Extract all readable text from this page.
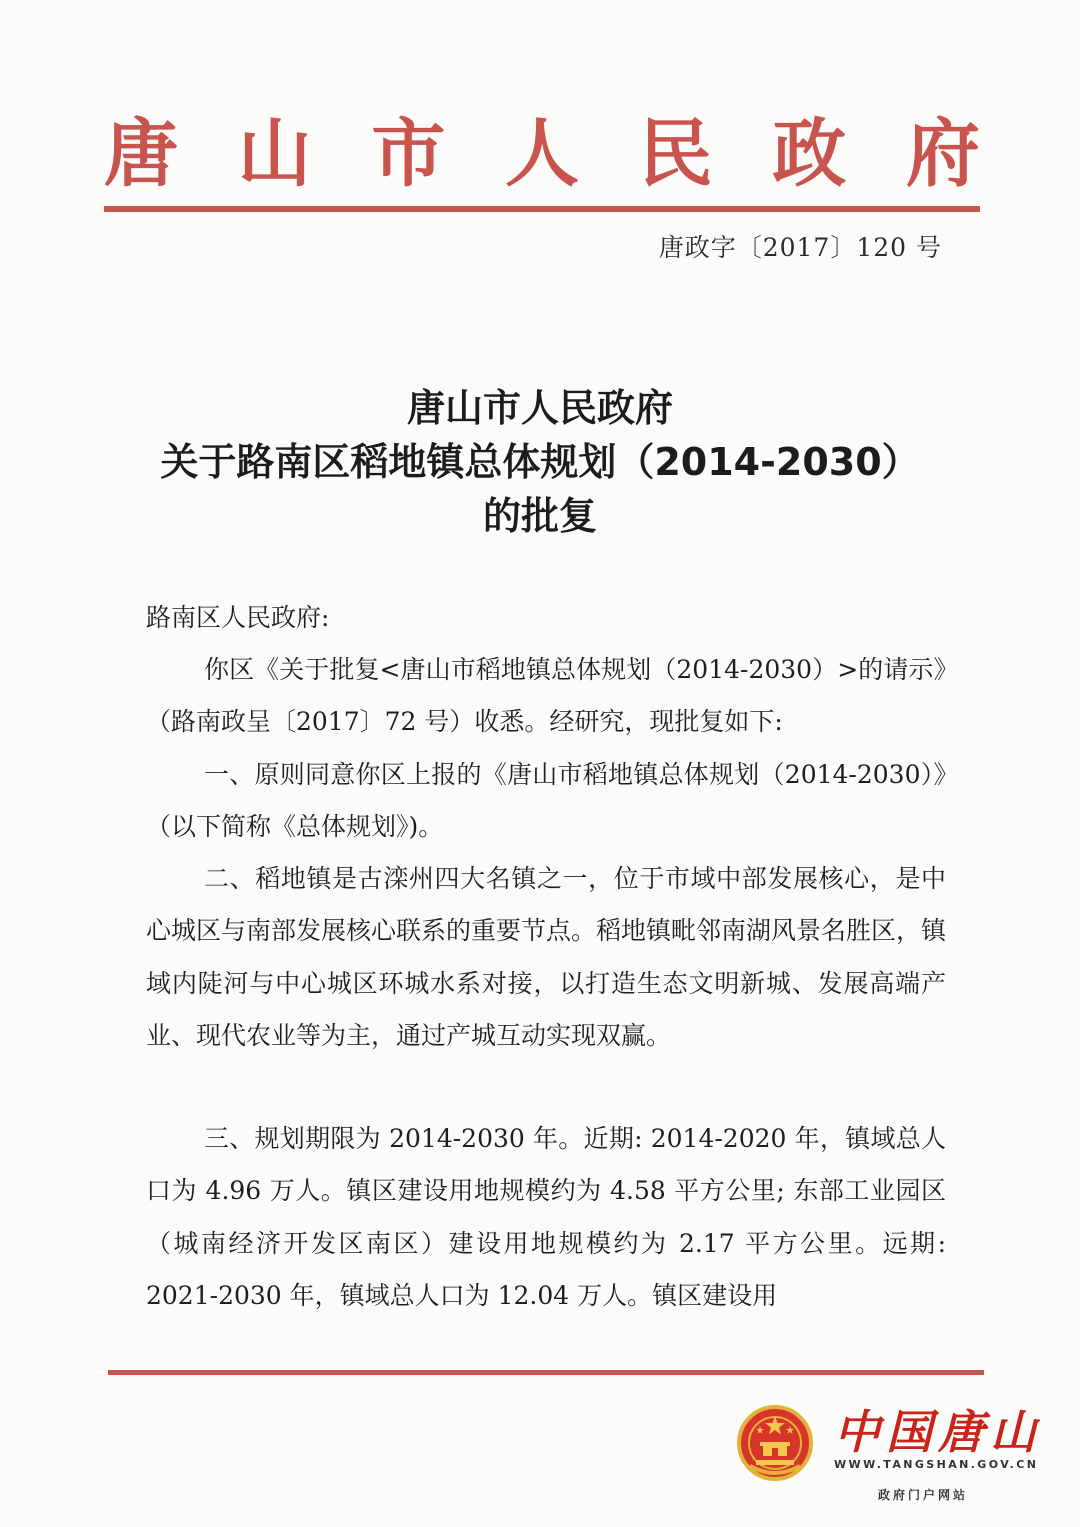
唐 山 市 人 民 政 府
唐政字〔2017〕120 号
唐山市人民政府
关于路南区稻地镇总体规划（2014-2030）
的批复
路南区人民政府:
你区《关于批复<唐山市稻地镇总体规划（2014-2030）>的请示》（路南政呈〔2017〕72 号）收悉。经研究，现批复如下:
一、原则同意你区上报的《唐山市稻地镇总体规划（2014-2030）》（以下简称《总体规划》)。
二、稻地镇是古滦州四大名镇之一，位于市域中部发展核心，是中心城区与南部发展核心联系的重要节点。稻地镇毗邻南湖风景名胜区，镇域内陡河与中心城区环城水系对接，以打造生态文明新城、发展高端产业、现代农业等为主，通过产城互动实现双赢。
三、规划期限为 2014-2030 年。近期: 2014-2020 年，镇域总人口为 4.96 万人。镇区建设用地规模约为 4.58 平方公里; 东部工业园区（城南经济开发区南区）建设用地规模约为 2.17 平方公里。远期: 2021-2030 年，镇域总人口为 12.04 万人。镇区建设用
中国唐山
WWW.TANGSHAN.GOV.CN
政府门户网站
